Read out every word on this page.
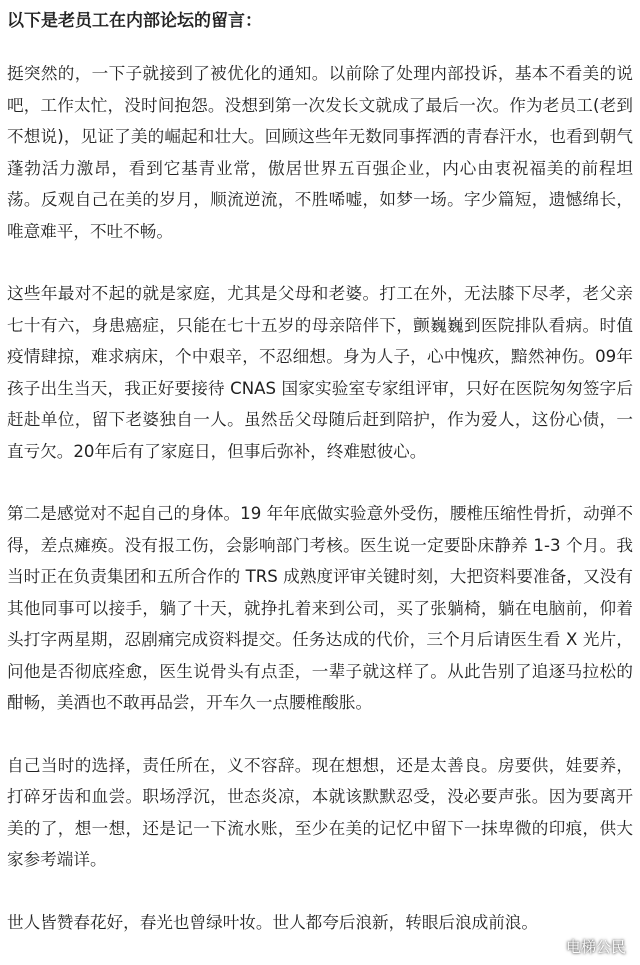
以下是老员工在内部论坛的留言：
挺突然的，一下子就接到了被优化的通知。以前除了处理内部投诉，基本不看美的说吧，工作太忙，没时间抱怨。没想到第一次发长文就成了最后一次。作为老员工(老到不想说)，见证了美的崛起和壮大。回顾这些年无数同事挥洒的青春汗水，也看到朝气蓬勃活力激昂，看到它基青业常，傲居世界五百强企业，内心由衷祝福美的前程坦荡。反观自己在美的岁月，顺流逆流，不胜唏嘘，如梦一场。字少篇短，遗憾绵长，唯意难平，不吐不畅。
这些年最对不起的就是家庭，尤其是父母和老婆。打工在外，无法膝下尽孝，老父亲七十有六，身患癌症，只能在七十五岁的母亲陪伴下，颤巍巍到医院排队看病。时值疫情肆掠，难求病床，个中艰辛，不忍细想。身为人子，心中愧疚，黯然神伤。09年孩子出生当天，我正好要接待 CNAS 国家实验室专家组评审，只好在医院匆匆签字后赶赴单位，留下老婆独自一人。虽然岳父母随后赶到陪护，作为爱人，这份心债，一直亏欠。20年后有了家庭日，但事后弥补，终难慰彼心。
第二是感觉对不起自己的身体。19 年年底做实验意外受伤，腰椎压缩性骨折，动弹不得，差点瘫痪。没有报工伤，会影响部门考核。医生说一定要卧床静养 1-3 个月。我当时正在负责集团和五所合作的 TRS 成熟度评审关键时刻，大把资料要准备，又没有其他同事可以接手，躺了十天，就挣扎着来到公司，买了张躺椅，躺在电脑前，仰着头打字两星期，忍剧痛完成资料提交。任务达成的代价，三个月后请医生看 X 光片，问他是否彻底痊愈，医生说骨头有点歪，一辈子就这样了。从此告别了追逐马拉松的酣畅，美酒也不敢再品尝，开车久一点腰椎酸胀。
自己当时的选择，责任所在，义不容辞。现在想想，还是太善良。房要供，娃要养，打碎牙齿和血尝。职场浮沉，世态炎凉，本就该默默忍受，没必要声张。因为要离开美的了，想一想，还是记一下流水账，至少在美的记忆中留下一抹卑微的印痕，供大家参考端详。
世人皆赞春花好，春光也曾绿叶妆。世人都夸后浪新，转眼后浪成前浪。
电梯公民
